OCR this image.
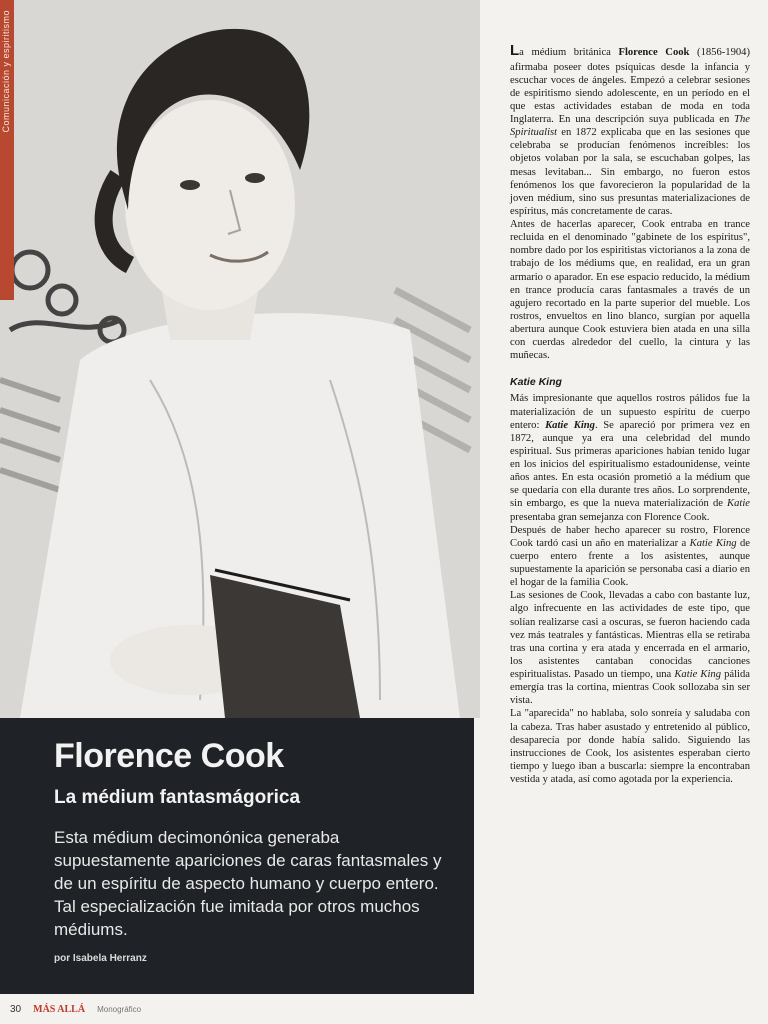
Comunicación y espiritismo
Florence Cook
La médium fantasmágorica

Esta médium decimonónica generaba supuestamente apariciones de caras fantasmales y de un espíritu de aspecto humano y cuerpo entero. Tal especialización fue imitada por otros muchos médiums.

por Isabela Herranz

30 MÁS ALLÁ Monográfico

La médium británica Florence Cook (1856-1904) afirmaba poseer dotes psíquicas desde la infancia y escuchar voces de ángeles. Empezó a celebrar sesiones de espiritismo siendo adolescente, en un período en el que estas actividades estaban de moda en toda Inglaterra. En una descripción suya publicada en The Spiritualist en 1872 explicaba que en las sesiones que celebraba se producían fenómenos increíbles: los objetos volaban por la sala, se escuchaban golpes, las mesas levitaban... Sin embargo, no fueron estos fenómenos los que favorecieron la popularidad de la joven médium, sino sus presuntas materializaciones de espíritus, más concretamente de caras.

Antes de hacerlas aparecer, Cook entraba en trance recluida en el denominado "gabinete de los espíritus", nombre dado por los espiritistas victorianos a la zona de trabajo de los médiums que, en realidad, era un gran armario o aparador. En ese espacio reducido, la médium en trance producía caras fantasmales a través de un agujero recortado en la parte superior del mueble. Los rostros, envueltos en lino blanco, surgían por aquella abertura aunque Cook estuviera bien atada en una silla con cuerdas alrededor del cuello, la cintura y las muñecas.

Katie King

Más impresionante que aquellos rostros pálidos fue la materialización de un supuesto espíritu de cuerpo entero: Katie King. Se apareció por primera vez en 1872, aunque ya era una celebridad del mundo espiritual. Sus primeras apariciones habían tenido lugar en los inicios del espiritualismo estadounidense, veinte años antes. En esta ocasión prometió a la médium que se quedaría con ella durante tres años. Lo sorprendente, sin embargo, es que la nueva materialización de Katie presentaba gran semejanza con Florence Cook.

Después de haber hecho aparecer su rostro, Florence Cook tardó casi un año en materializar a Katie King de cuerpo entero frente a los asistentes, aunque supuestamente la aparición se personaba casi a diario en el hogar de la familia Cook.

Las sesiones de Cook, llevadas a cabo con bastante luz, algo infrecuente en las actividades de este tipo, que solían realizarse casi a oscuras, se fueron haciendo cada vez más teatrales y fantásticas. Mientras ella se retiraba tras una cortina y era atada y encerrada en el armario, los asistentes cantaban conocidas canciones espiritualistas. Pasado un tiempo, una Katie King pálida emergía tras la cortina, mientras Cook sollozaba sin ser vista.

La "aparecida" no hablaba, solo sonreía y saludaba con la cabeza. Tras haber asustado y entretenido al público, desaparecía por donde había salido. Siguiendo las instrucciones de Cook, los asistentes esperaban cierto tiempo y luego iban a buscarla: siempre la encontraban vestida y atada, así como agotada por la experiencia.
